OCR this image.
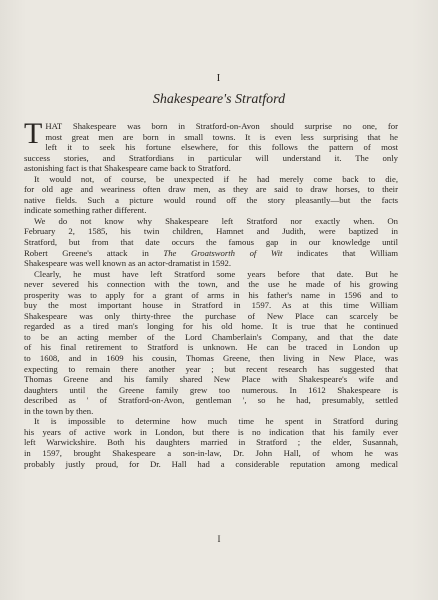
I
Shakespeare's Stratford
T HAT Shakespeare was born in Stratford-on-Avon should surprise no one, for
most great men are born in small towns. It is even less surprising that he
left it to seek his fortune elsewhere, for this follows the pattern of most
success stories, and Stratfordians in particular will understand it. The only
astonishing fact is that Shakespeare came back to Stratford.
It would not, of course, be unexpected if he had merely come back to die,
for old age and weariness often draw men, as they are said to draw horses, to their
native fields. Such a picture would round off the story pleasantly—but the facts
indicate something rather different.
We do not know why Shakespeare left Stratford nor exactly when. On
February 2, 1585, his twin children, Hamnet and Judith, were baptized in
Stratford, but from that date occurs the famous gap in our knowledge until
Robert Greene's attack in The Groatsworth of Wit indicates that William
Shakespeare was well known as an actor-dramatist in 1592.
Clearly, he must have left Stratford some years before that date. But he
never severed his connection with the town, and the use he made of his growing
prosperity was to apply for a grant of arms in his father's name in 1596 and to
buy the most important house in Stratford in 1597. As at this time William
Shakespeare was only thirty-three the purchase of New Place can scarcely be
regarded as a tired man's longing for his old home. It is true that he continued
to be an acting member of the Lord Chamberlain's Company, and that the date
of his final retirement to Stratford is unknown. He can be traced in London up
to 1608, and in 1609 his cousin, Thomas Greene, then living in New Place, was
expecting to remain there another year ; but recent research has suggested that
Thomas Greene and his family shared New Place with Shakespeare's wife and
daughters until the Greene family grew too numerous. In 1612 Shakespeare is
described as ' of Stratford-on-Avon, gentleman ', so he had, presumably, settled
in the town by then.
It is impossible to determine how much time he spent in Stratford during
his years of active work in London, but there is no indication that his family ever
left Warwickshire. Both his daughters married in Stratford ; the elder, Susannah,
in 1597, brought Shakespeare a son-in-law, Dr. John Hall, of whom he was
probably justly proud, for Dr. Hall had a considerable reputation among medical
I
